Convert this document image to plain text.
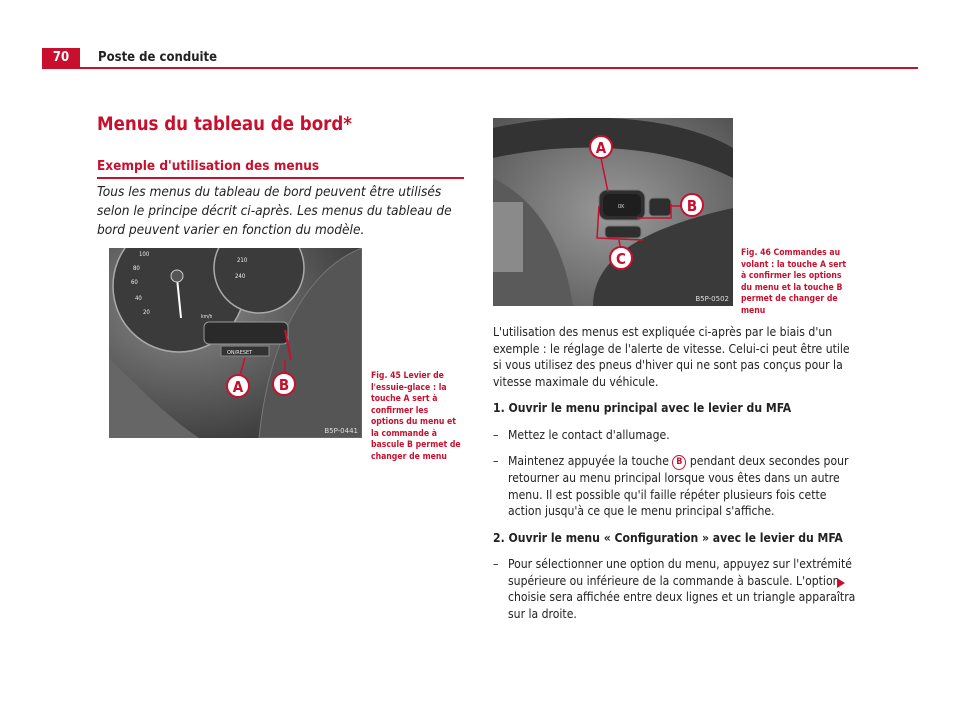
70	Poste de conduite
Menus du tableau de bord*
Exemple d'utilisation des menus

Tous les menus du tableau de bord peuvent être utilisés selon le principe décrit ci-après. Les menus du tableau de bord peuvent varier en fonction du modèle.

100
80
60
40
20
km/h
210
240
ON/RESET
A B
B5P-0441

Fig. 45 Levier de l'essuie-glace : la touche A sert à confirmer les options du menu et la commande à bascule B permet de changer de menu

OK
A
B
C
B5P-0502

Fig. 46 Commandes au volant : la touche A sert à confirmer les options du menu et la touche B permet de changer de menu

L'utilisation des menus est expliquée ci-après par le biais d'un exemple : le réglage de l'alerte de vitesse. Celui-ci peut être utile si vous utilisez des pneus d'hiver qui ne sont pas conçus pour la vitesse maximale du véhicule.

1. Ouvrir le menu principal avec le levier du MFA

– Mettez le contact d'allumage.

– Maintenez appuyée la touche B pendant deux secondes pour retourner au menu principal lorsque vous êtes dans un autre menu. Il est possible qu'il faille répéter plusieurs fois cette action jusqu'à ce que le menu principal s'affiche.

2. Ouvrir le menu « Configuration » avec le levier du MFA

– Pour sélectionner une option du menu, appuyez sur l'extrémité supérieure ou inférieure de la commande à bascule. L'option choisie sera affichée entre deux lignes et un triangle apparaîtra sur la droite.
